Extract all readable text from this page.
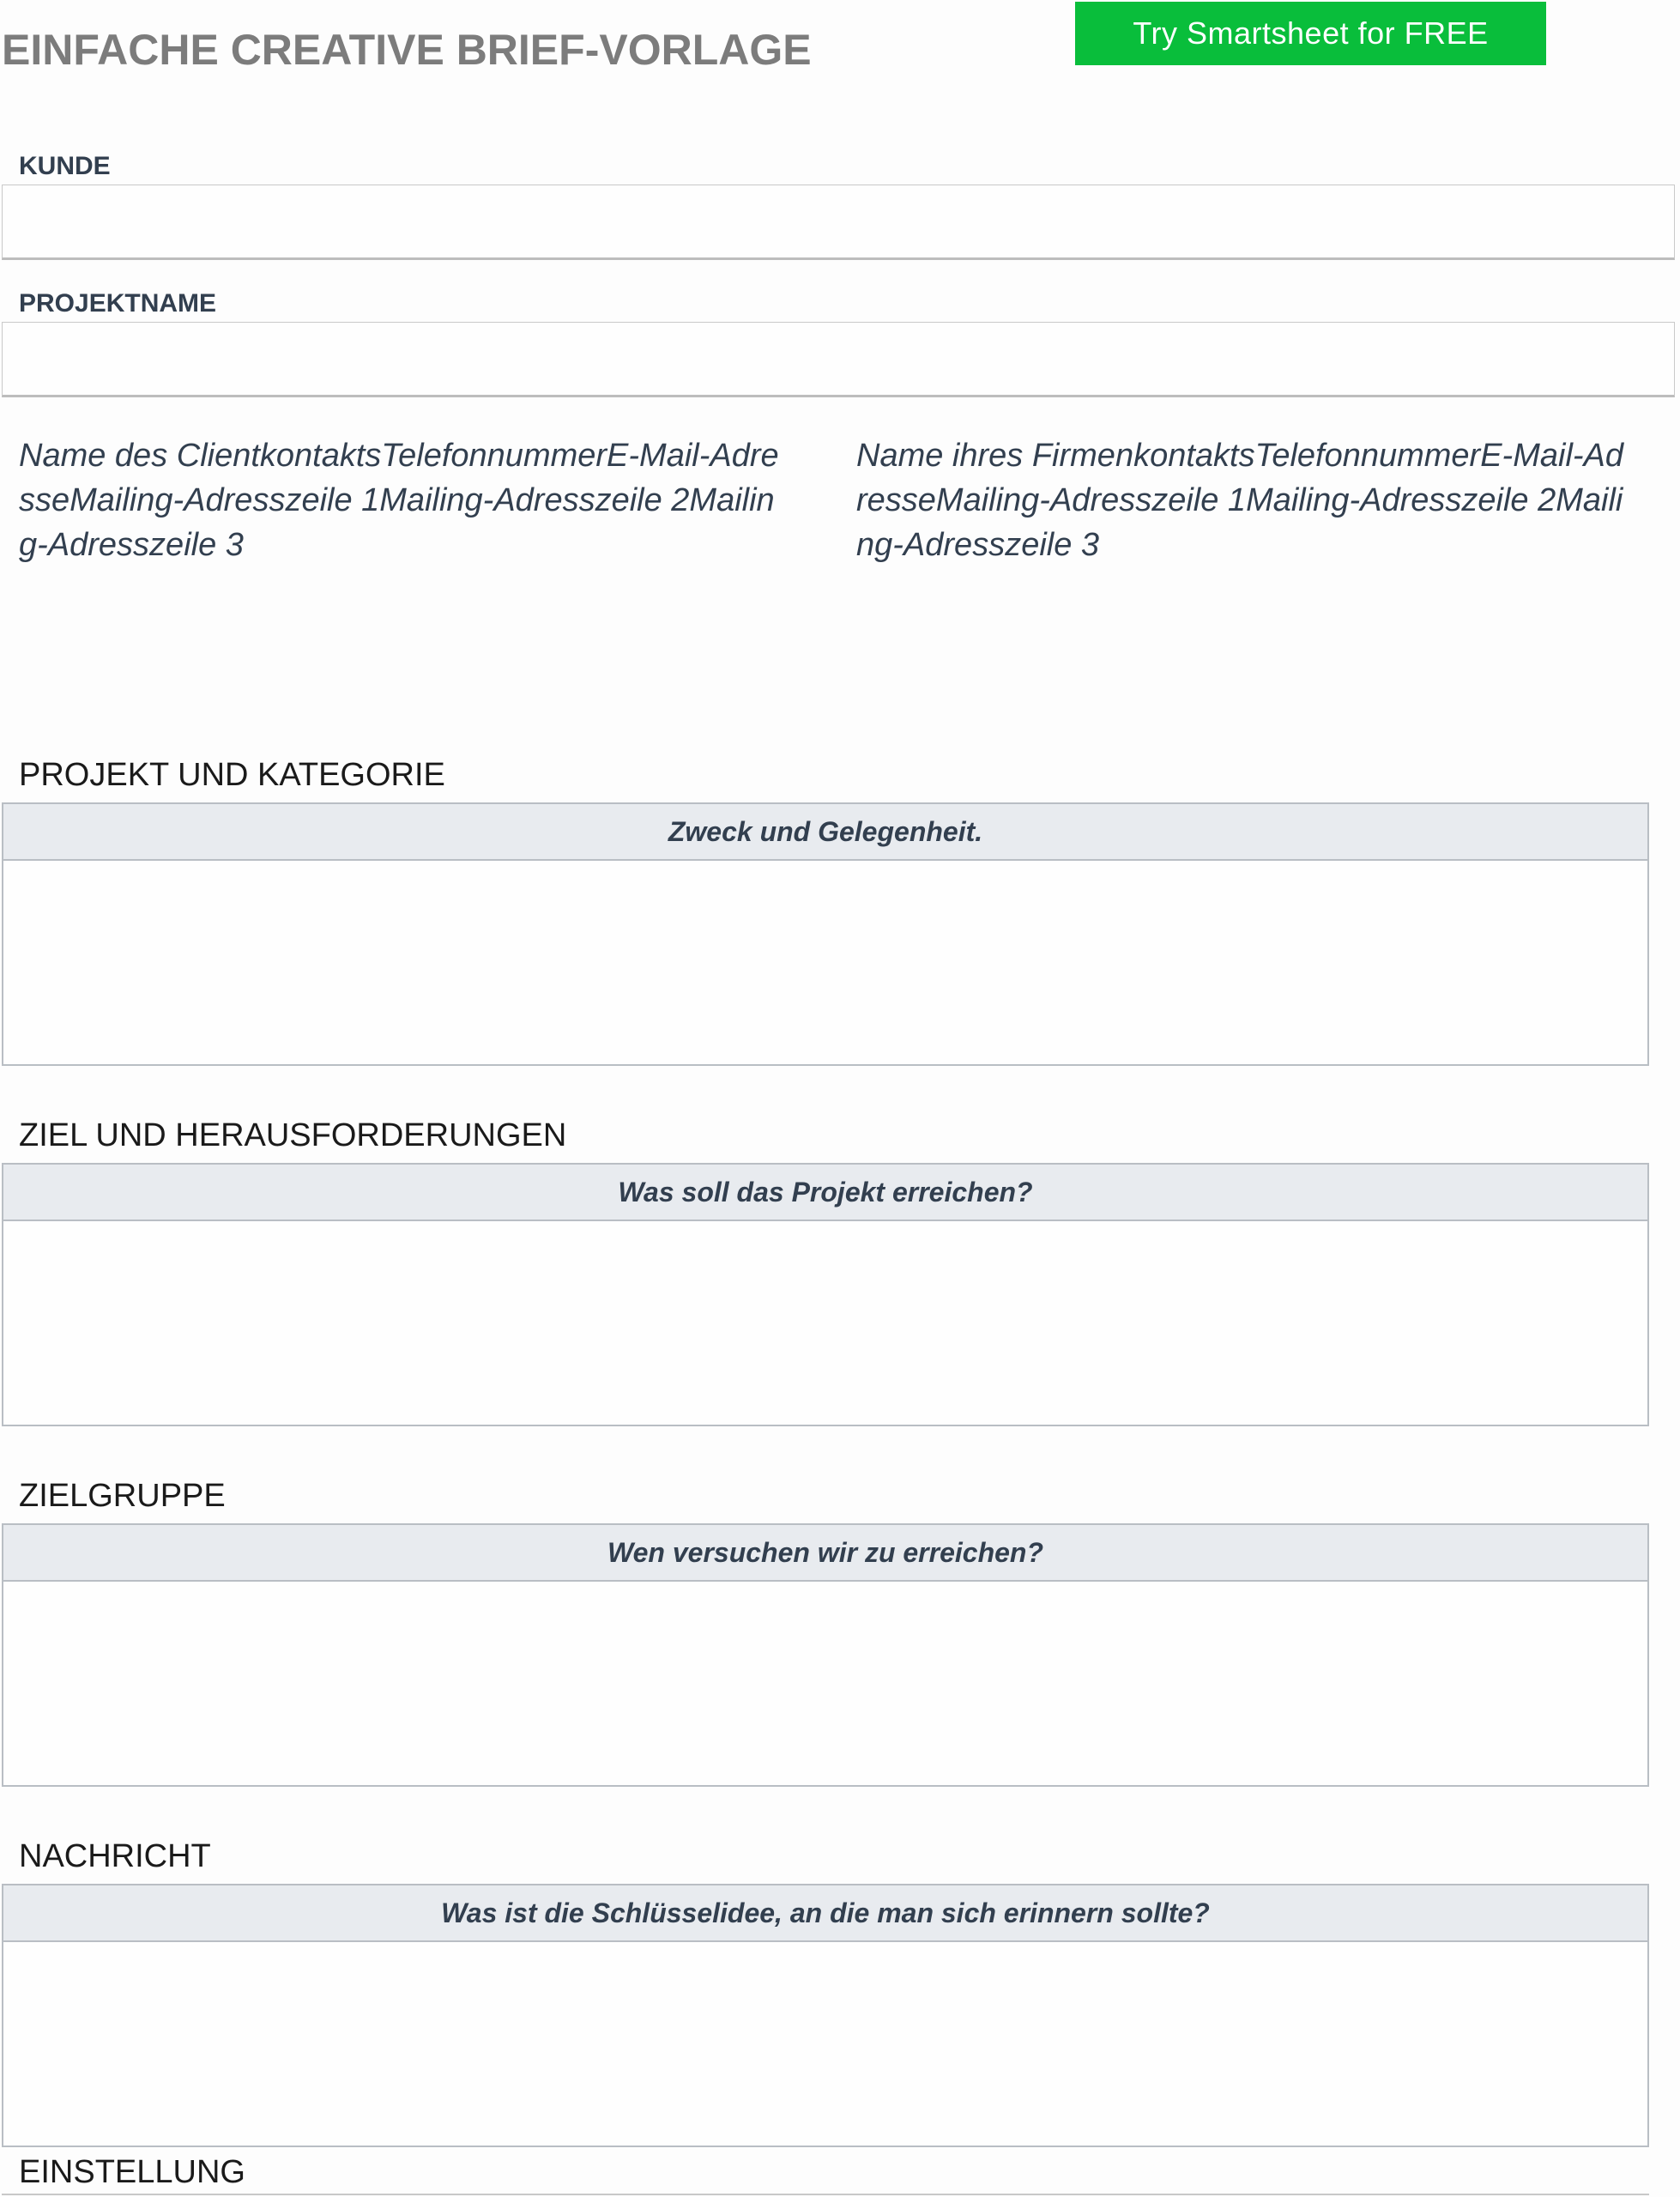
EINFACHE CREATIVE BRIEF-VORLAGE	Try Smartsheet for FREE
KUNDE
PROJEKTNAME
Name des ClientkontaktsTelefonnummerE-Mail-AdresseMailing-Adresszeile 1Mailing-Adresszeile 2Mailing-Adresszeile 3
Name ihres FirmenkontaktsTelefonnummerE-Mail-AdresseMailing-Adresszeile 1Mailing-Adresszeile 2Mailing-Adresszeile 3
PROJEKT UND KATEGORIE
Zweck und Gelegenheit.
ZIEL UND HERAUSFORDERUNGEN
Was soll das Projekt erreichen?
ZIELGRUPPE
Wen versuchen wir zu erreichen?
NACHRICHT
Was ist die Schlüsselidee, an die man sich erinnern sollte?
EINSTELLUNG
